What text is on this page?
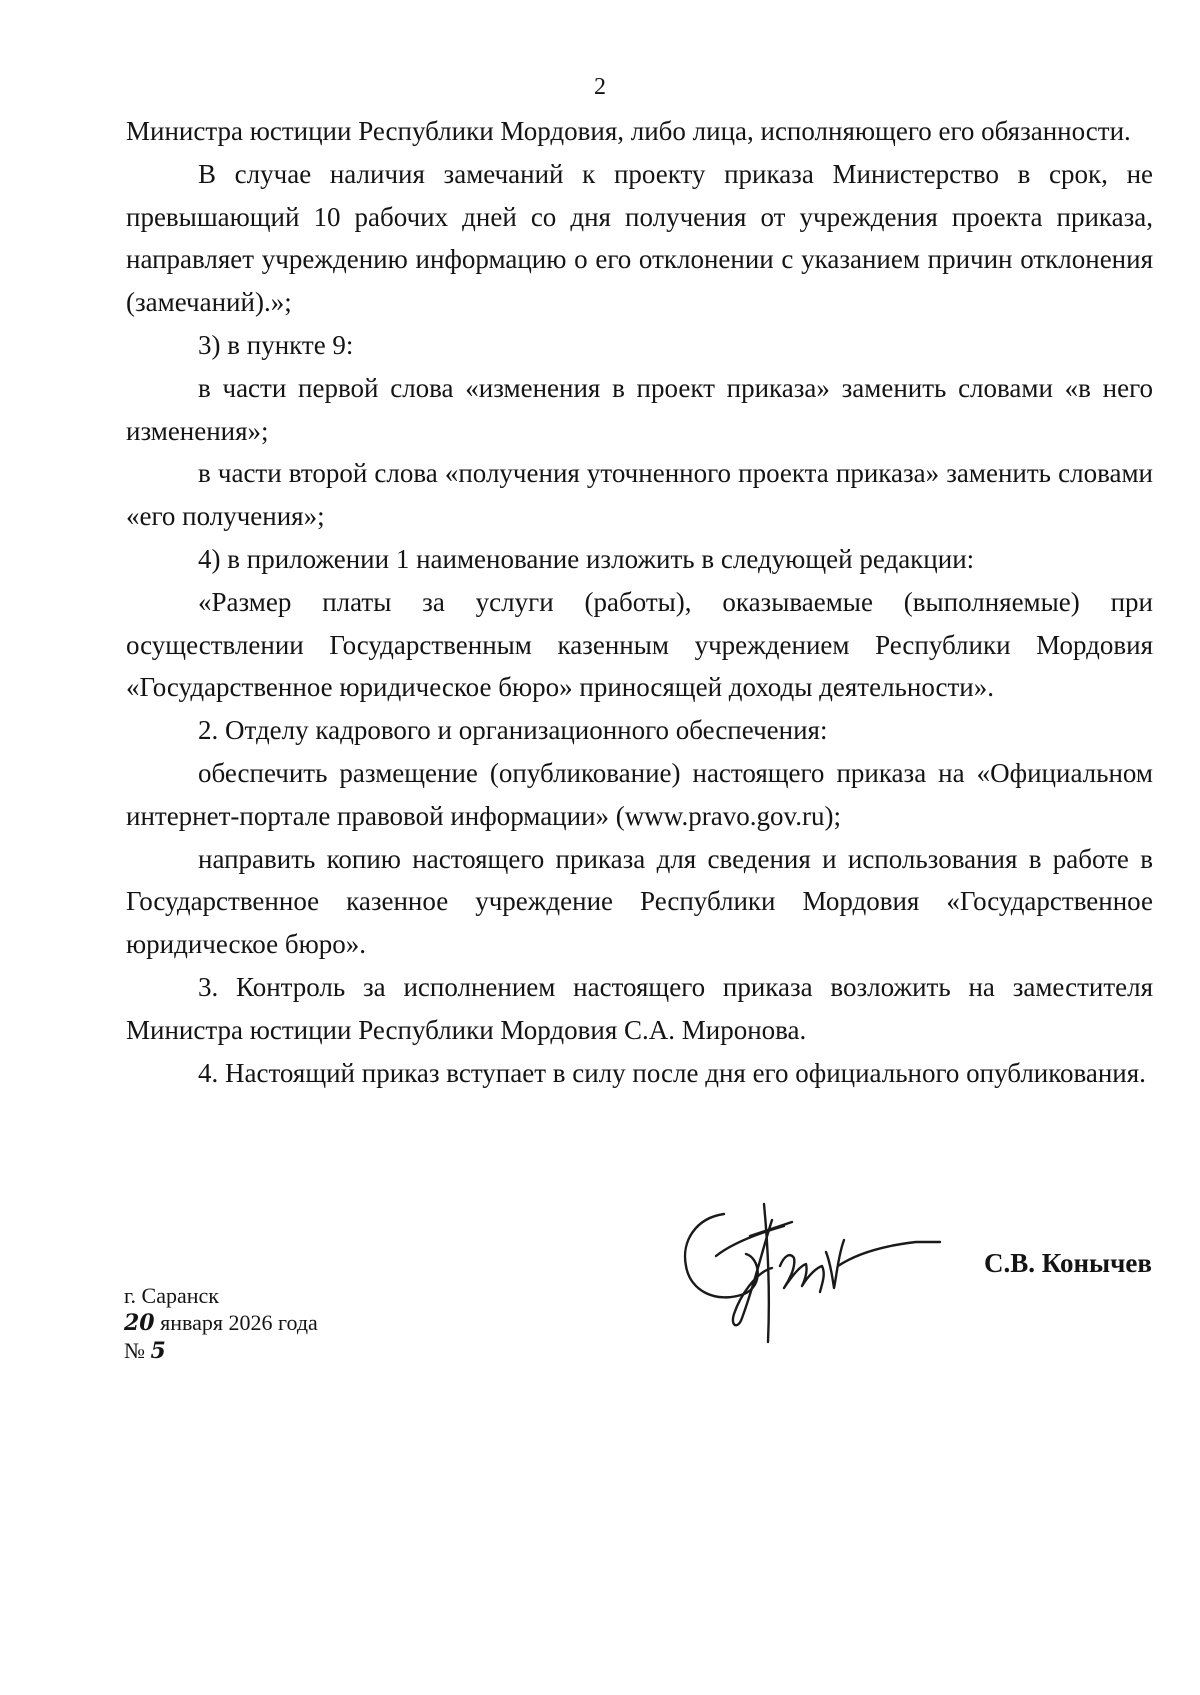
2

Министра юстиции Республики Мордовия, либо лица, исполняющего его обязанности.

В случае наличия замечаний к проекту приказа Министерство в срок, не превышающий 10 рабочих дней со дня получения от учреждения проекта приказа, направляет учреждению информацию о его отклонении с указанием причин отклонения (замечаний).»;

3) в пункте 9:

в части первой слова «изменения в проект приказа» заменить словами «в него изменения»;

в части второй слова «получения уточненного проекта приказа» заменить словами «его получения»;

4) в приложении 1 наименование изложить в следующей редакции:

«Размер платы за услуги (работы), оказываемые (выполняемые) при осуществлении Государственным казенным учреждением Республики Мордовия «Государственное юридическое бюро» приносящей доходы деятельности».

2. Отделу кадрового и организационного обеспечения:

обеспечить размещение (опубликование) настоящего приказа на «Официальном интернет-портале правовой информации» (www.pravo.gov.ru);

направить копию настоящего приказа для сведения и использования в работе в Государственное казенное учреждение Республики Мордовия «Государственное юридическое бюро».

3. Контроль за исполнением настоящего приказа возложить на заместителя Министра юстиции Республики Мордовия С.А. Миронова.

4. Настоящий приказ вступает в силу после дня его официального опубликования.

С.В. Конычев
г. Саранск
20 января 2026 года
№ 5
